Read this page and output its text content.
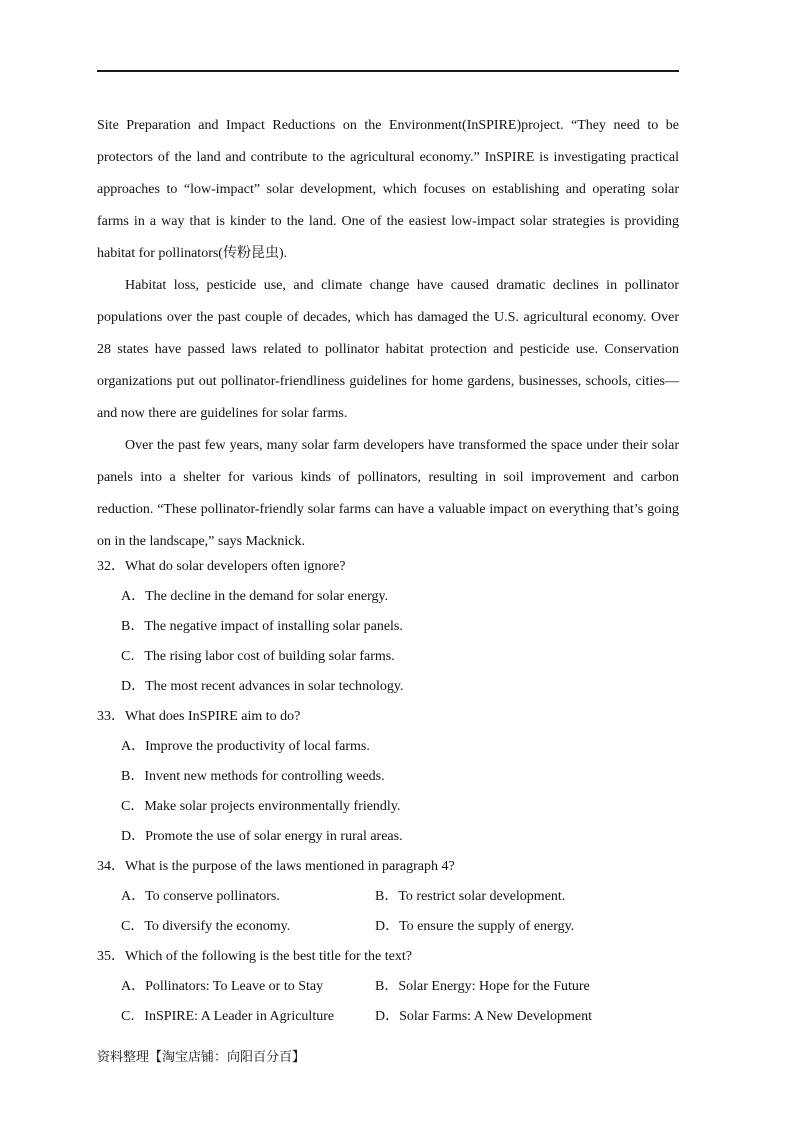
Site Preparation and Impact Reductions on the Environment(InSPIRE)project. “They need to be protectors of the land and contribute to the agricultural economy.” InSPIRE is investigating practical approaches to “low-impact” solar development, which focuses on establishing and operating solar farms in a way that is kinder to the land. One of the easiest low-impact solar strategies is providing habitat for pollinators(传粉昆虫).

Habitat loss, pesticide use, and climate change have caused dramatic declines in pollinator populations over the past couple of decades, which has damaged the U.S. agricultural economy. Over 28 states have passed laws related to pollinator habitat protection and pesticide use. Conservation organizations put out pollinator-friendliness guidelines for home gardens, businesses, schools, cities—and now there are guidelines for solar farms.

Over the past few years, many solar farm developers have transformed the space under their solar panels into a shelter for various kinds of pollinators, resulting in soil improvement and carbon reduction. “These pollinator-friendly solar farms can have a valuable impact on everything that’s going on in the landscape,” says Macknick.

32．What do solar developers often ignore?
A．The decline in the demand for solar energy.
B．The negative impact of installing solar panels.
C．The rising labor cost of building solar farms.
D．The most recent advances in solar technology.
33．What does InSPIRE aim to do?
A．Improve the productivity of local farms.
B．Invent new methods for controlling weeds.
C．Make solar projects environmentally friendly.
D．Promote the use of solar energy in rural areas.
34．What is the purpose of the laws mentioned in paragraph 4?
A．To conserve pollinators.	B．To restrict solar development.
C．To diversify the economy.	D．To ensure the supply of energy.
35．Which of the following is the best title for the text?
A．Pollinators: To Leave or to Stay	B．Solar Energy: Hope for the Future
C．InSPIRE: A Leader in Agriculture	D．Solar Farms: A New Development
资料整理【淘宝店铺：向阳百分百】
